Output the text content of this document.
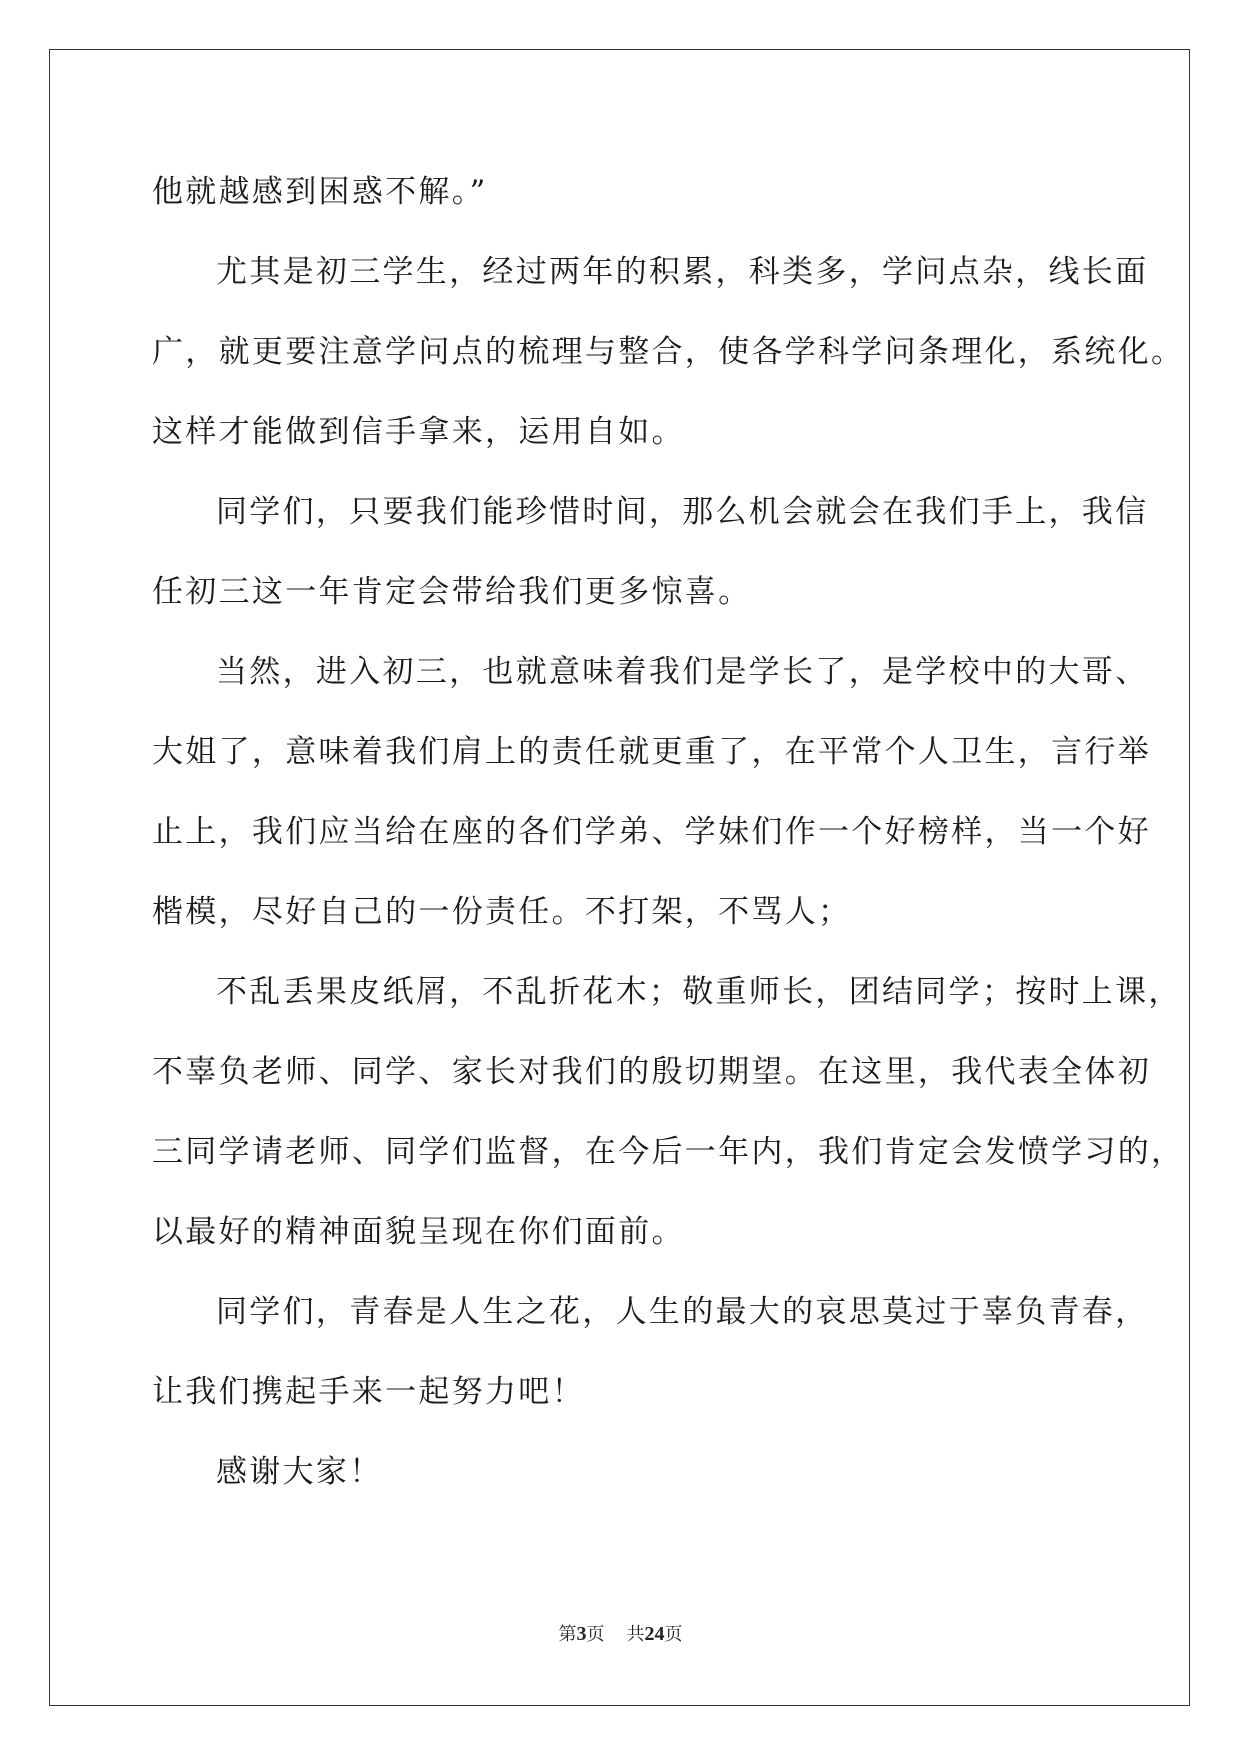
他就越感到困惑不解。”
尤其是初三学生，经过两年的积累，科类多，学问点杂，线长面
广，就更要注意学问点的梳理与整合，使各学科学问条理化，系统化。
这样才能做到信手拿来，运用自如。
同学们，只要我们能珍惜时间，那么机会就会在我们手上，我信
任初三这一年肯定会带给我们更多惊喜。
当然，进入初三，也就意味着我们是学长了，是学校中的大哥、
大姐了，意味着我们肩上的责任就更重了，在平常个人卫生，言行举
止上，我们应当给在座的各们学弟、学妹们作一个好榜样，当一个好
楷模，尽好自己的一份责任。不打架，不骂人；
不乱丢果皮纸屑，不乱折花木；敬重师长，团结同学；按时上课，
不辜负老师、同学、家长对我们的殷切期望。在这里，我代表全体初
三同学请老师、同学们监督，在今后一年内，我们肯定会发愤学习的，
以最好的精神面貌呈现在你们面前。
同学们，青春是人生之花，人生的最大的哀思莫过于辜负青春，
让我们携起手来一起努力吧！
感谢大家！
第3页 共24页
